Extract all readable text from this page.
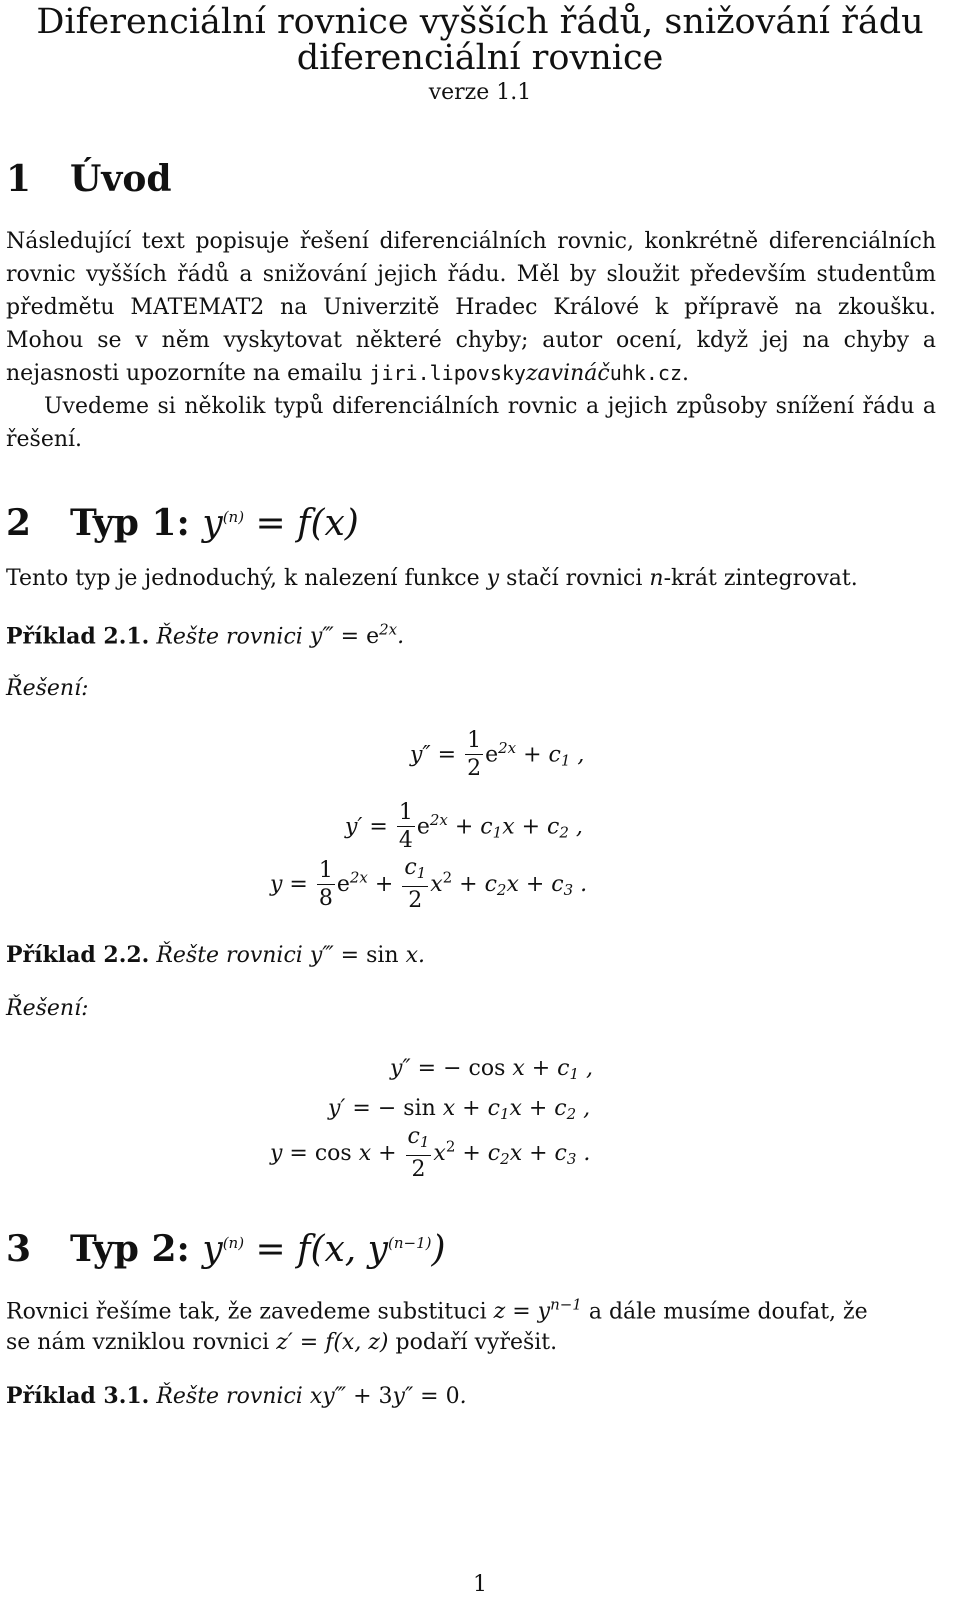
Diferenciální rovnice vyšších řádů, snižování řádu
diferenciální rovnice
verze 1.1
1 Úvod
Následující text popisuje řešení diferenciálních rovnic, konkrétně diferenciálních rovnic vyšších řádů a snižování jejich řádu. Měl by sloužit především studentům předmětu MATEMAT2 na Univerzitě Hradec Králové k přípravě na zkoušku. Mohou se v něm vyskytovat některé chyby; autor ocení, když jej na chyby a nejasnosti upozorníte na emailu jiri.lipovskyzavináčuhk.cz.
Uvedeme si několik typů diferenciálních rovnic a jejich způsoby snížení řádu a řešení.
2 Typ 1: $y^{(n)} = f(x)$
Tento typ je jednoduchý, k nalezení funkce y stačí rovnici n-krát zintegrovat.
Příklad 2.1. Řešte rovnici y‴ = $e^{2x}$.
Řešení:
$y'' = \frac{1}{2} e^{2x} + c_1$ ,
$y' = \frac{1}{4} e^{2x} + c_1x + c_2$ ,
$y = \frac{1}{8} e^{2x} + \frac{c_1}{2} x^2 + c_2x + c_3$ .
Příklad 2.2. Řešte rovnici y‴ = sin x.
Řešení:
y″ = − $\cos x + c_1$ ,
y′ = − $\sin x + c_1x + c_2$ ,
$y = \cos x + \frac{c_1}{2} x^2 + c_2x + c_3$ .
3 Typ 2: $y^{(n)} = f(x$, $y^{(n-1)}$)
Rovnici řešíme tak, že zavedeme substituci $z = y^{n-1}$ a dále musíme doufat, že
se nám vzniklou rovnici z′ = f(x, z) podaří vyřešit.
Příklad 3.1. Řešte rovnici xy‴ + 3y″ = 0.
1
